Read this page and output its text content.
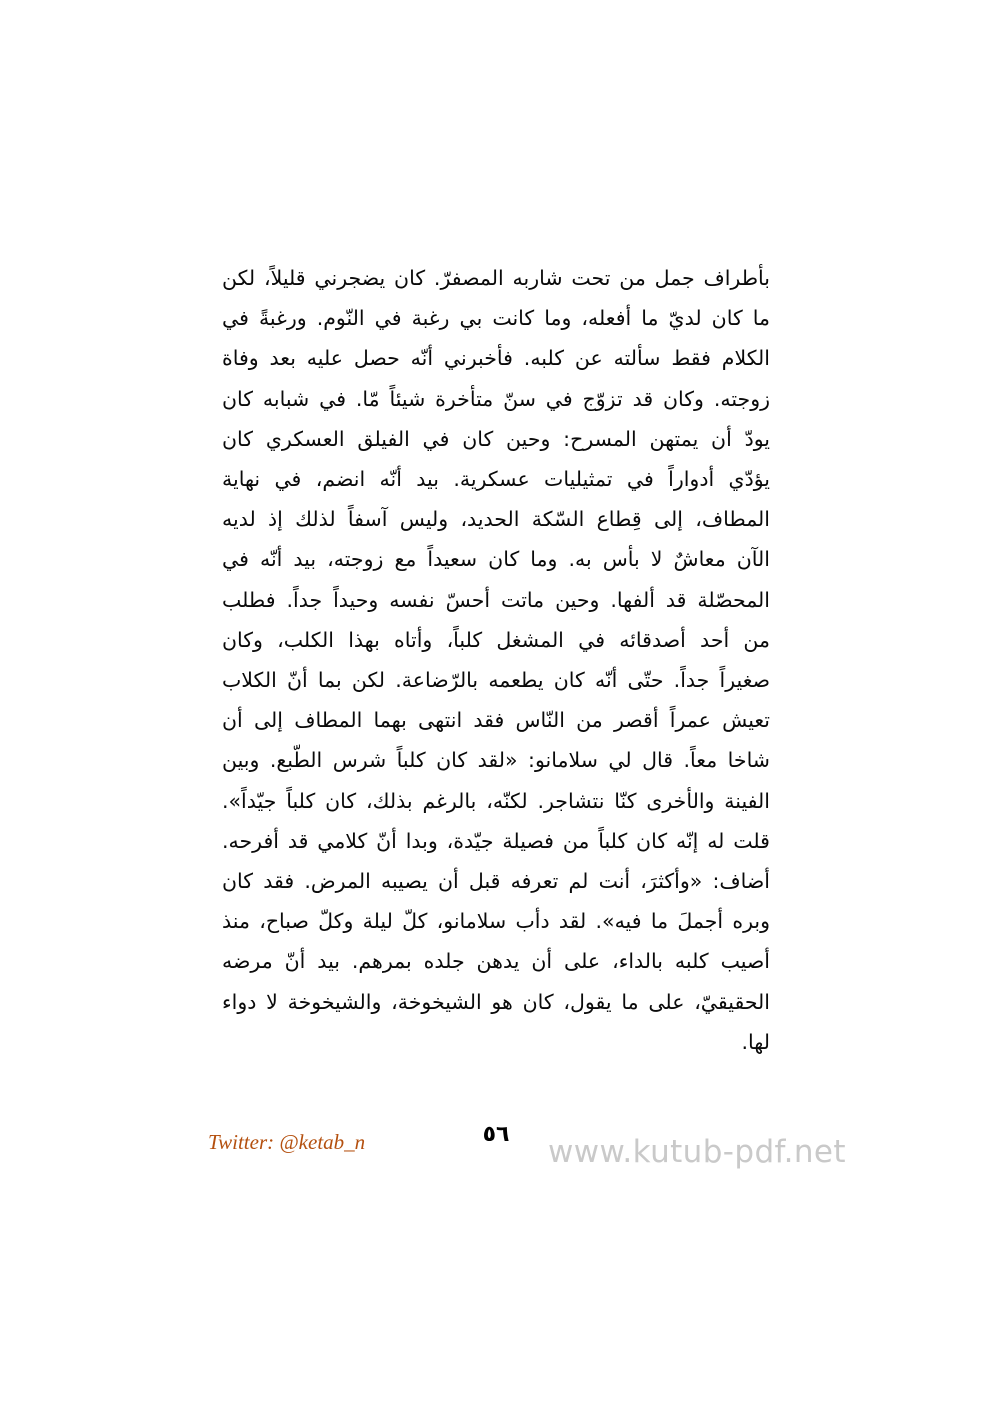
بأطراف جمل من تحت شاربه المصفرّ. كان يضجرني قليلاً، لكن ما كان لديّ ما أفعله، وما كانت بي رغبة في النّوم. ورغبةً في الكلام فقط سألته عن كلبه. فأخبرني أنّه حصل عليه بعد وفاة زوجته. وكان قد تزوّج في سنّ متأخرة شيئاً مّا. في شبابه كان يودّ أن يمتهن المسرح: وحين كان في الفيلق العسكري كان يؤدّي أدواراً في تمثيليات عسكرية. بيد أنّه انضم، في نهاية المطاف، إلى قِطاع السّكة الحديد، وليس آسفاً لذلك إذ لديه الآن معاشٌ لا بأس به. وما كان سعيداً مع زوجته، بيد أنّه في المحصّلة قد ألفها. وحين ماتت أحسّ نفسه وحيداً جداً. فطلب من أحد أصدقائه في المشغل كلباً، وأتاه بهذا الكلب، وكان صغيراً جداً. حتّى أنّه كان يطعمه بالرّضاعة. لكن بما أنّ الكلاب تعيش عمراً أقصر من النّاس فقد انتهى بهما المطاف إلى أن شاخا معاً. قال لي سلامانو: «لقد كان كلباً شرس الطّبع. وبين الفينة والأخرى كنّا نتشاجر. لكنّه، بالرغم بذلك، كان كلباً جيّداً». قلت له إنّه كان كلباً من فصيلة جيّدة، وبدا أنّ كلامي قد أفرحه. أضاف: «وأكثرَ، أنت لم تعرفه قبل أن يصيبه المرض. فقد كان وبره أجملَ ما فيه». لقد دأب سلامانو، كلّ ليلة وكلّ صباح، منذ أصيب كلبه بالداء، على أن يدهن جلده بمرهم. بيد أنّ مرضه الحقيقيّ، على ما يقول، كان هو الشيخوخة، والشيخوخة لا دواء لها.

Twitter: @ketab_n	٥٦	www.kutub-pdf.net
